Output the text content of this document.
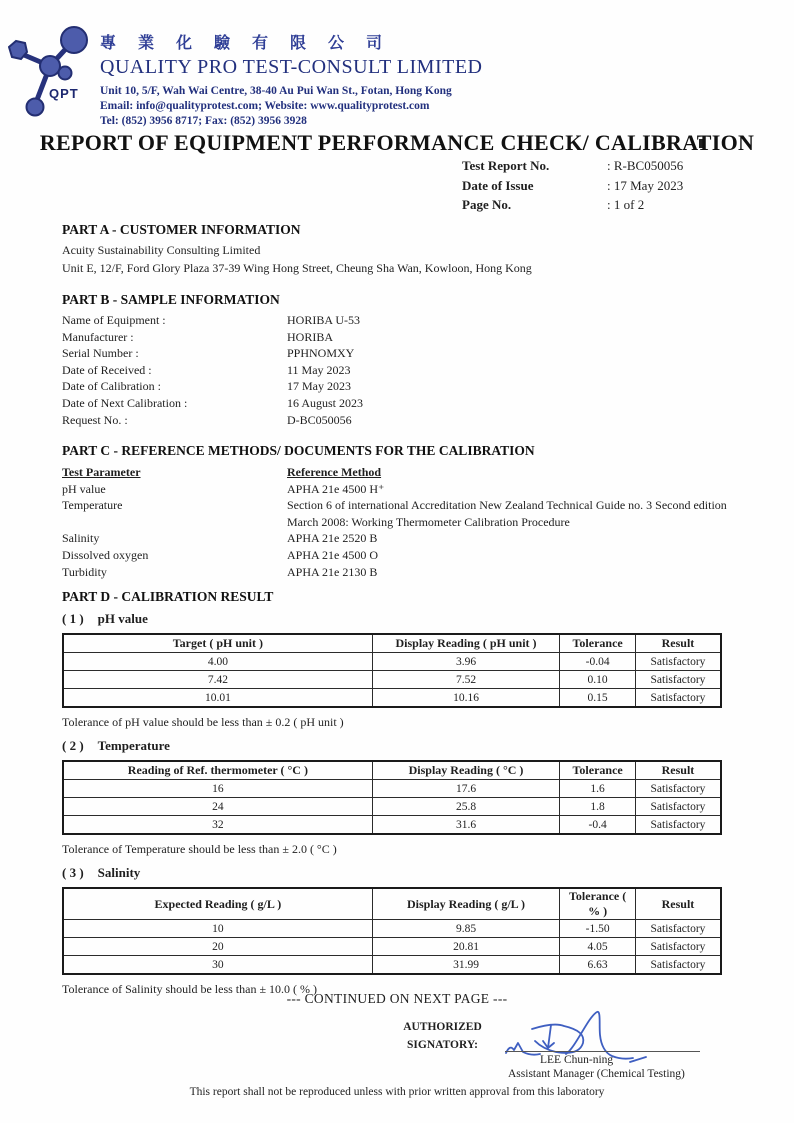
QPT
專 業 化 驗 有 限 公 司
QUALITY PRO TEST-CONSULT LIMITED
Unit 10, 5/F, Wah Wai Centre, 38-40 Au Pui Wan St., Fotan, Hong Kong
Email: info@qualityprotest.com; Website: www.qualityprotest.com
Tel: (852) 3956 8717; Fax: (852) 3956 3928
REPORT OF EQUIPMENT PERFORMANCE CHECK/ CALIBRATION
Test Report No.	: R-BC050056
Date of Issue	: 17 May 2023
Page No.	: 1 of 2
PART A - CUSTOMER INFORMATION
Acuity Sustainability Consulting Limited
Unit E, 12/F, Ford Glory Plaza 37-39 Wing Hong Street, Cheung Sha Wan, Kowloon, Hong Kong
PART B - SAMPLE INFORMATION
Name of Equipment :	HORIBA U-53
Manufacturer :	HORIBA
Serial Number :	PPHNOMXY
Date of Received :	11 May 2023
Date of Calibration :	17 May 2023
Date of Next Calibration :	16 August 2023
Request No. :	D-BC050056
PART C - REFERENCE METHODS/ DOCUMENTS FOR THE CALIBRATION
Test Parameter	Reference Method
pH value	APHA 21e 4500 H⁺
Temperature	Section 6 of international Accreditation New Zealand Technical Guide no. 3 Second edition March 2008: Working Thermometer Calibration Procedure
Salinity	APHA 21e 2520 B
Dissolved oxygen	APHA 21e 4500 O
Turbidity	APHA 21e 2130 B
PART D - CALIBRATION RESULT
( 1 ) pH value
Target ( pH unit )	Display Reading ( pH unit )	Tolerance	Result
4.00	3.96	-0.04	Satisfactory
7.42	7.52	0.10	Satisfactory
10.01	10.16	0.15	Satisfactory
Tolerance of pH value should be less than ± 0.2 ( pH unit )
( 2 ) Temperature
Reading of Ref. thermometer ( °C )	Display Reading ( °C )	Tolerance	Result
16	17.6	1.6	Satisfactory
24	25.8	1.8	Satisfactory
32	31.6	-0.4	Satisfactory
Tolerance of Temperature should be less than ± 2.0 ( °C )
( 3 ) Salinity
Expected Reading ( g/L )	Display Reading ( g/L )	Tolerance ( % )	Result
10	9.85	-1.50	Satisfactory
20	20.81	4.05	Satisfactory
30	31.99	6.63	Satisfactory
Tolerance of Salinity should be less than ± 10.0 ( % )
--- CONTINUED ON NEXT PAGE ---
AUTHORIZED
SIGNATORY:
LEE Chun-ning
Assistant Manager (Chemical Testing)
This report shall not be reproduced unless with prior written approval from this laboratory
